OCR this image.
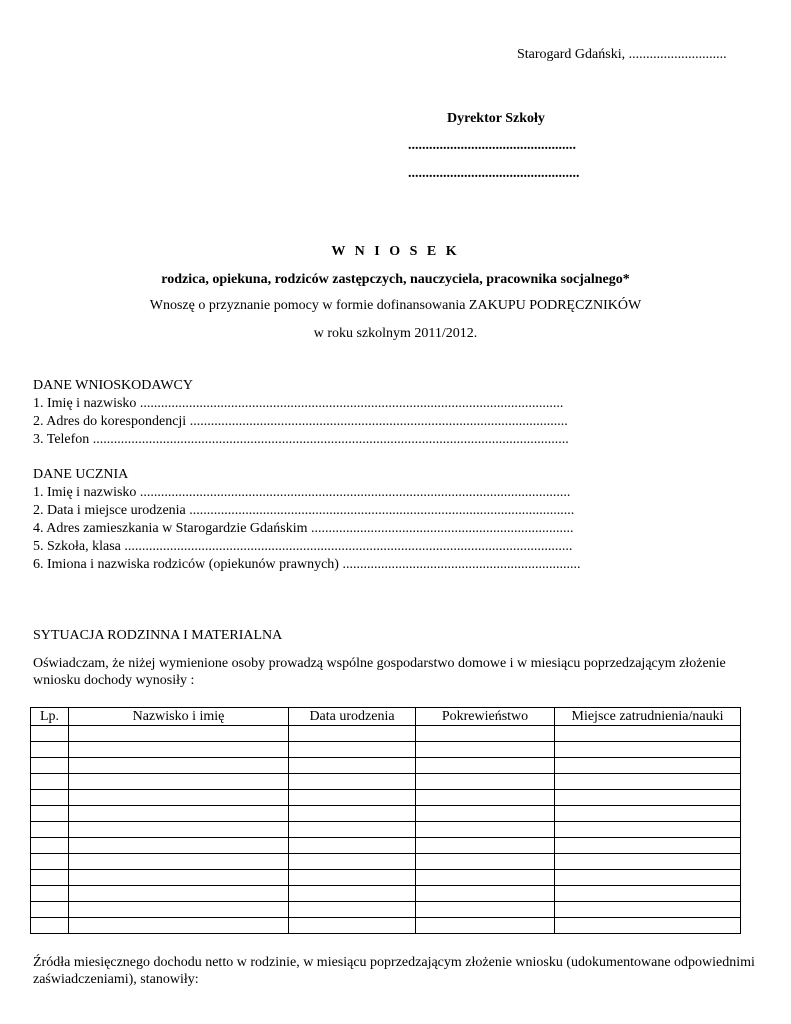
Starogard Gdański, ............................
Dyrektor Szkoły
................................................
.................................................
W N I O S E K
rodzica, opiekuna, rodziców zastępczych, nauczyciela, pracownika socjalnego*
Wnoszę o przyznanie pomocy w formie dofinansowania ZAKUPU PODRĘCZNIKÓW
w roku szkolnym 2011/2012.
DANE WNIOSKODAWCY
1. Imię i nazwisko .........................................................................................................................
2. Adres do korespondencji ............................................................................................................
3. Telefon ........................................................................................................................................
DANE UCZNIA
1. Imię i nazwisko ...........................................................................................................................
2. Data i miejsce urodzenia ..............................................................................................................
4. Adres zamieszkania w Starogardzie Gdańskim ...........................................................................
5. Szkoła, klasa ................................................................................................................................
6. Imiona i nazwiska rodziców (opiekunów prawnych) ....................................................................
SYTUACJA RODZINNA I MATERIALNA
Oświadczam, że niżej wymienione osoby prowadzą wspólne gospodarstwo domowe i w miesiącu poprzedzającym złożenie wniosku dochody wynosiły :
Lp.	Nazwisko i imię	Data urodzenia	Pokrewieństwo	Miejsce zatrudnienia/nauki

Źródła miesięcznego dochodu netto w rodzinie, w miesiącu poprzedzającym złożenie wniosku (udokumentowane odpowiednimi zaświadczeniami), stanowiły:
